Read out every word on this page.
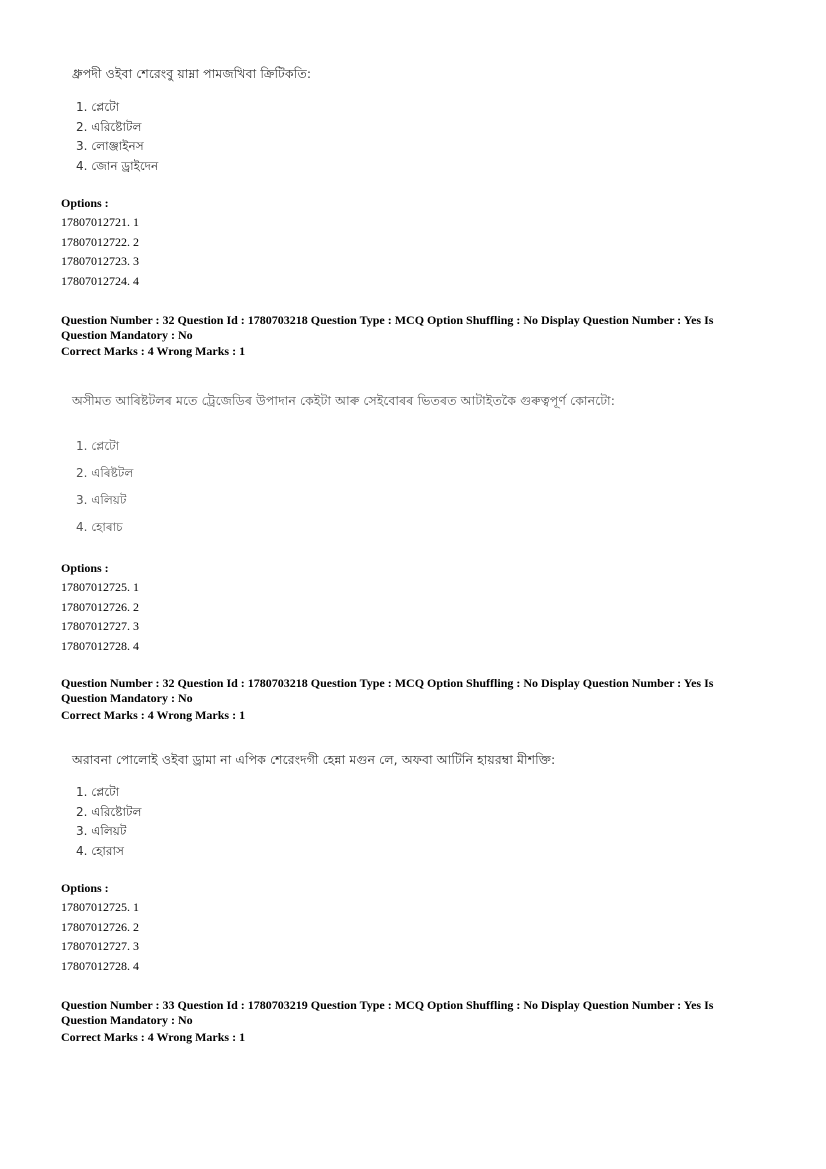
ধ্রুপদী ওইবা শেরেংবু য়াম্না পামজখিবা ক্রিটিকতি:
1. প্লেটো
2. এরিষ্টোটল
3. লোঞ্জাইনস
4. জোন ড্রাইদেন
Options :
17807012721. 1
17807012722. 2
17807012723. 3
17807012724. 4
Question Number : 32 Question Id : 1780703218 Question Type : MCQ Option Shuffling : No Display Question Number : Yes Is
Question Mandatory : No
Correct Marks : 4 Wrong Marks : 1
অসীমত আৰিষ্টটলৰ মতে ট্ৰেজেডিৰ উপাদান কেইটা আৰু সেইবোৰৰ ভিতৰত আটাইতকৈ গুৰুত্বপূৰ্ণ কোনটো:
1. প্লেটো
2. এৰিষ্টটল
3. এলিয়ট
4. হোৰাচ
Options :
17807012725. 1
17807012726. 2
17807012727. 3
17807012728. 4
Question Number : 32 Question Id : 1780703218 Question Type : MCQ Option Shuffling : No Display Question Number : Yes Is
Question Mandatory : No
Correct Marks : 4 Wrong Marks : 1
অরাবনা পোলোই ওইবা ড্রামা না এপিক শেরেংদগী হেন্না মগুন লে, অফবা আটিনি হায়রম্বা মীশক্তি:
1. প্লেটো
2. এরিষ্টোটল
3. এলিয়ট
4. হোরাস
Options :
17807012725. 1
17807012726. 2
17807012727. 3
17807012728. 4
Question Number : 33 Question Id : 1780703219 Question Type : MCQ Option Shuffling : No Display Question Number : Yes Is
Question Mandatory : No
Correct Marks : 4 Wrong Marks : 1
